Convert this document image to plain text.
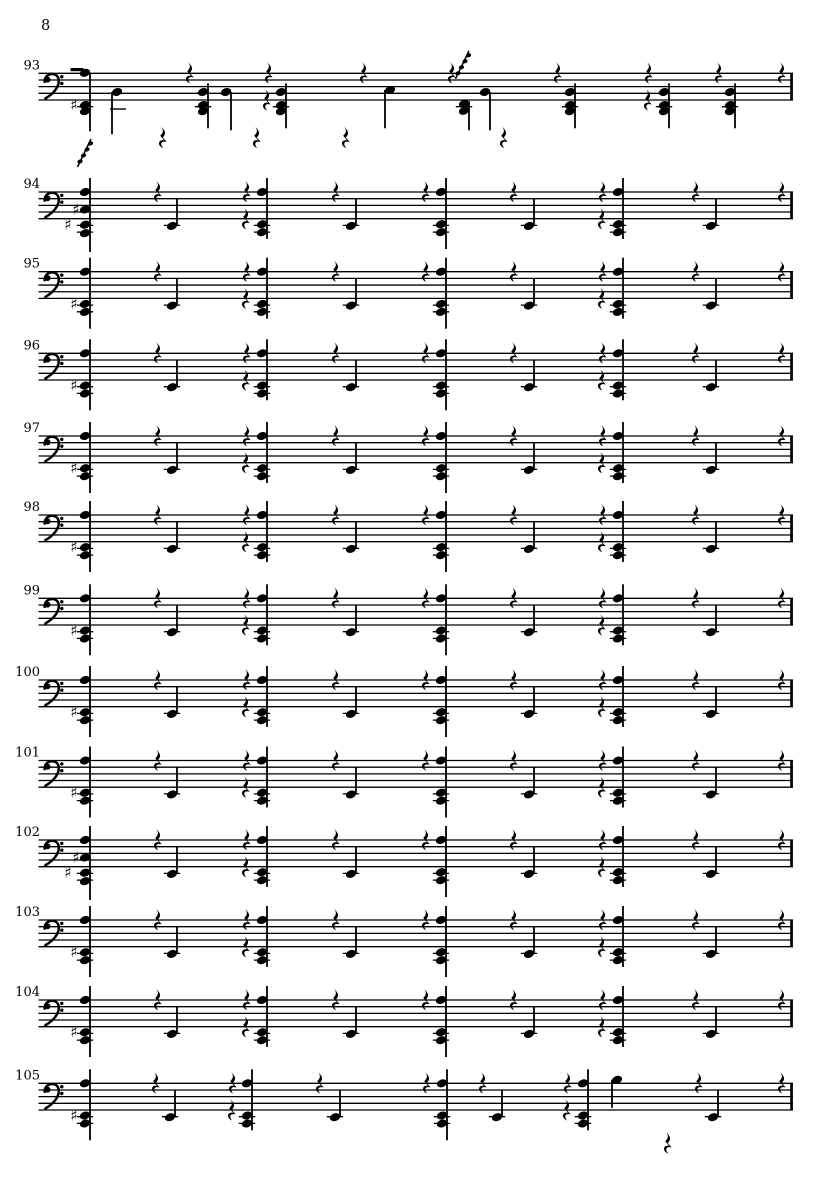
8
93
♯
94
♯
♯
95
♯
96
♯
97
♯
98
♯
99
♯
100
♯
101
♯
102
♯
♯
103
♯
104
♯
105
♯
